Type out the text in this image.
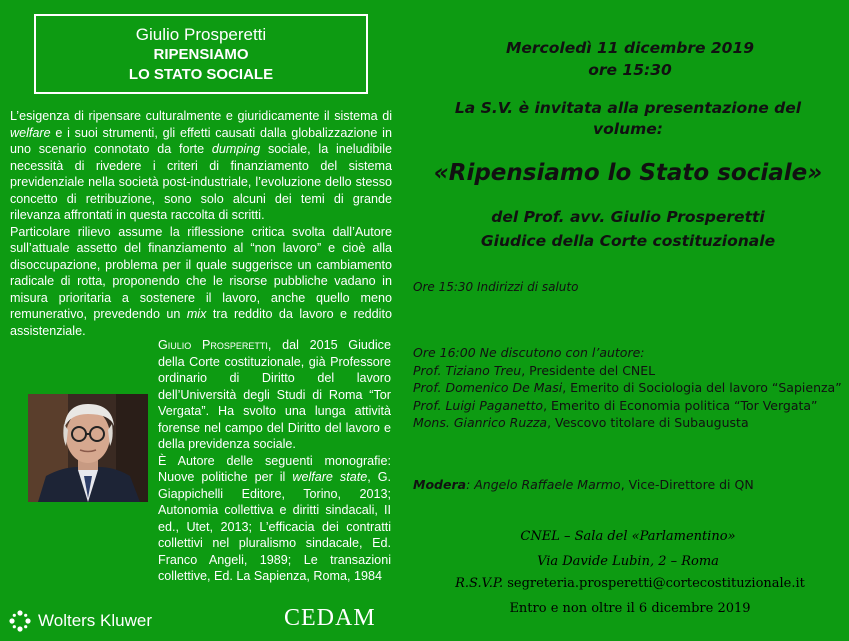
Giulio Prosperetti
RIPENSIAMO
LO STATO SOCIALE

L’esigenza di ripensare culturalmente e giuridicamente il sistema di welfare e i suoi strumenti, gli effetti causati dalla globalizzazione in uno scenario connotato da forte dumping sociale, la ineludibile necessità di rivedere i criteri di finanziamento del sistema previdenziale nella società post-industriale, l’evoluzione dello stesso concetto di retribuzione, sono solo alcuni dei temi di grande rilevanza affrontati in questa raccolta di scritti.

Particolare rilievo assume la riflessione critica svolta dall’Autore sull’attuale assetto del finanziamento al “non lavoro” e cioè alla disoccupazione, problema per il quale suggerisce un cambiamento radicale di rotta, proponendo che le risorse pubbliche vadano in misura prioritaria a sostenere il lavoro, anche quello meno remunerativo, prevedendo un mix tra reddito da lavoro e reddito assistenziale.

Giulio Prosperetti, dal 2015 Giudice della Corte costituzionale, già Professore ordinario di Diritto del lavoro dell’Università degli Studi di Roma “Tor Vergata”. Ha svolto una lunga attività forense nel campo del Diritto del lavoro e della previdenza sociale.

È Autore delle seguenti monografie: Nuove politiche per il welfare state, G. Giappichelli Editore, Torino, 2013; Autonomia collettiva e diritti sindacali, II ed., Utet, 2013; L’efficacia dei contratti collettivi nel pluralismo sindacale, Ed. Franco Angeli, 1989; Le transazioni collettive, Ed. La Sapienza, Roma, 1984

Wolters Kluwer	CEDAM
Mercoledì 11 dicembre 2019
ore 15:30
La S.V. è invitata alla presentazione del
volume:
«Ripensiamo lo Stato sociale»
del Prof. avv. Giulio Prosperetti
Giudice della Corte costituzionale
Ore 15:30 Indirizzi di saluto
Ore 16:00 Ne discutono con l’autore:
Prof. Tiziano Treu, Presidente del CNEL
Prof. Domenico De Masi, Emerito di Sociologia del lavoro “Sapienza”
Prof. Luigi Paganetto, Emerito di Economia politica “Tor Vergata”
Mons. Gianrico Ruzza, Vescovo titolare di Subaugusta
Modera: Angelo Raffaele Marmo, Vice-Direttore di QN
CNEL – Sala del «Parlamentino»
Via Davide Lubin, 2 – Roma
R.S.V.P. segreteria.prosperetti@cortecostituzionale.it
Entro e non oltre il 6 dicembre 2019
